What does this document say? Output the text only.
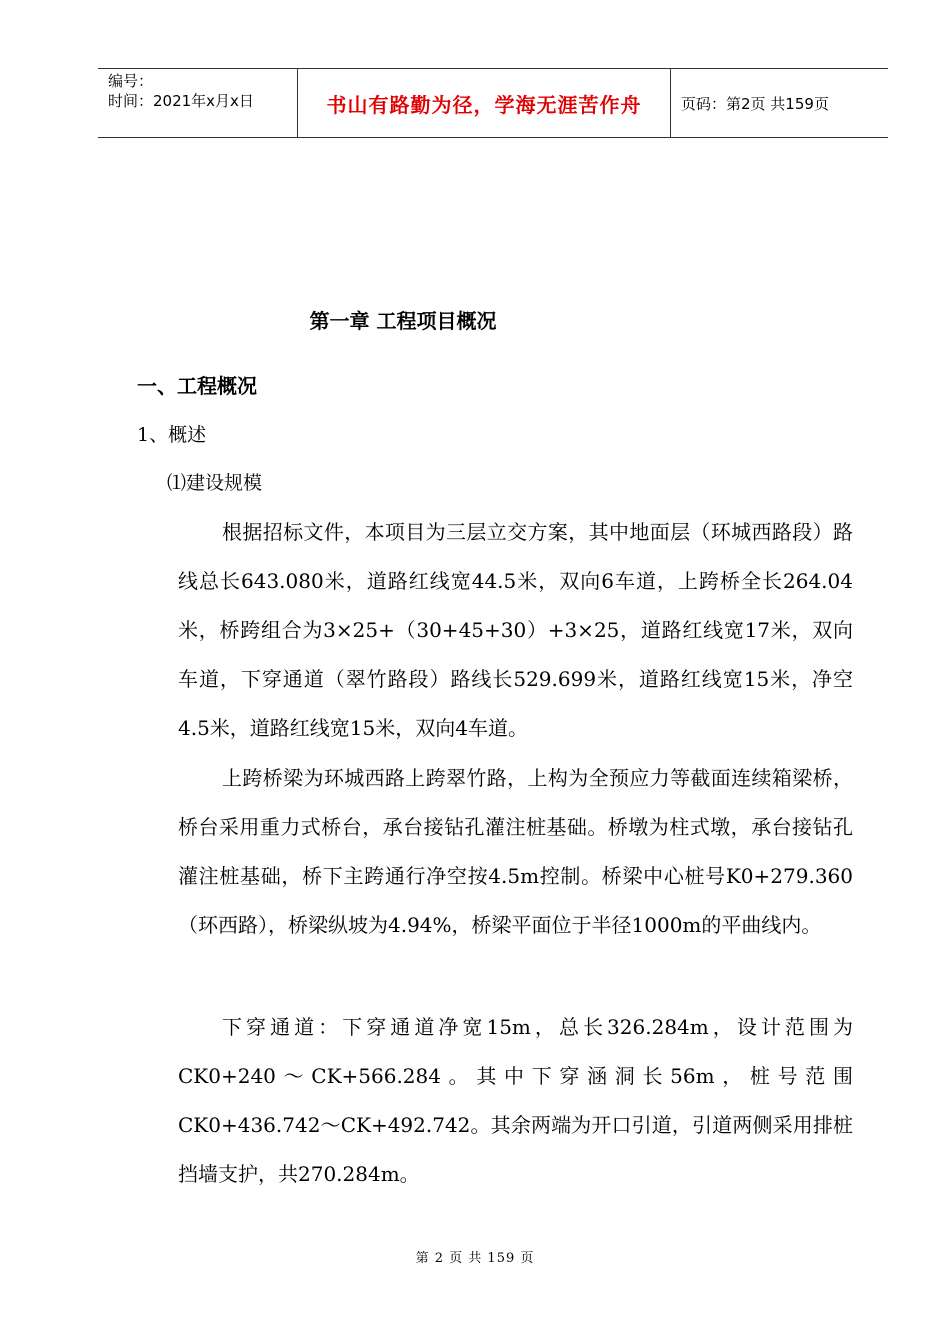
编号：
时间：2021年x月x日	书山有路勤为径，学海无涯苦作舟	页码：第2页 共159页
第一章 工程项目概况
一、工程概况
1、概述
⑴建设规模
根据招标文件，本项目为三层立交方案，其中地面层（环城西路段）路线总长643.080米，道路红线宽44.5米，双向6车道，上跨桥全长264.04米，桥跨组合为3×25+（30+45+30）+3×25，道路红线宽17米，双向车道，下穿通道（翠竹路段）路线长529.699米，道路红线宽15米，净空4.5米，道路红线宽15米，双向4车道。
上跨桥梁为环城西路上跨翠竹路，上构为全预应力等截面连续箱梁桥，桥台采用重力式桥台，承台接钻孔灌注桩基础。桥墩为柱式墩，承台接钻孔灌注桩基础，桥下主跨通行净空按4.5m控制。桥梁中心桩号K0+279.360（环西路），桥梁纵坡为4.94%，桥梁平面位于半径1000m的平曲线内。
下穿通道：下穿通道净宽15m，总长326.284m，设计范围为CK0+240～CK+566.284。其中下穿涵洞长56m，桩号范围CK0+436.742～CK+492.742。其余两端为开口引道，引道两侧采用排桩挡墙支护，共270.284m。
第 2 页 共 159 页
